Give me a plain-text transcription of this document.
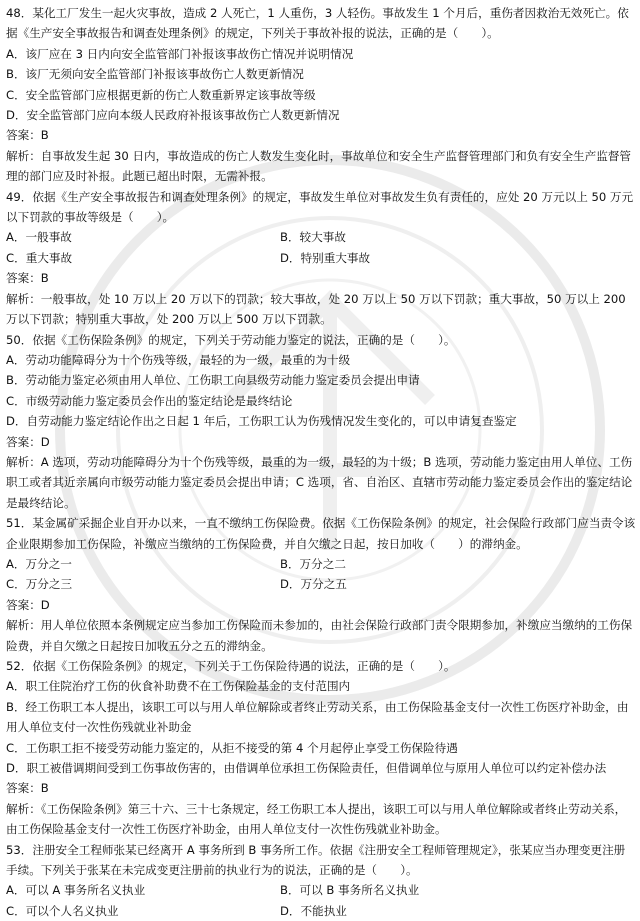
48．某化工厂发生一起火灾事故，造成 2 人死亡，1 人重伤，3 人轻伤。事故发生 1 个月后，重伤者因救治无效死亡。依据《生产安全事故报告和调查处理条例》的规定，下列关于事故补报的说法，正确的是（　　）。

A．该厂应在 3 日内向安全监管部门补报该事故伤亡情况并说明情况

B．该厂无须向安全监管部门补报该事故伤亡人数更新情况

C．安全监管部门应根据更新的伤亡人数重新界定该事故等级

D．安全监管部门应向本级人民政府补报该事故伤亡人数更新情况

答案：B

解析：自事故发生起 30 日内，事故造成的伤亡人数发生变化时，事故单位和安全生产监督管理部门和负有安全生产监督管理的部门应及时补报。此题已超出时限，无需补报。

49．依据《生产安全事故报告和调查处理条例》的规定，事故发生单位对事故发生负有责任的，应处 20 万元以上 50 万元以下罚款的事故等级是（　　）。

A．一般事故	B．较大事故

C．重大事故	D．特别重大事故

答案：B

解析：一般事故，处 10 万以上 20 万以下的罚款；较大事故，处 20 万以上 50 万以下罚款；重大事故，50 万以上 200 万以下罚款；特别重大事故，处 200 万以上 500 万以下罚款。

50．依据《工伤保险条例》的规定，下列关于劳动能力鉴定的说法，正确的是（　　）。

A．劳动功能障碍分为十个伤残等级，最轻的为一级，最重的为十级

B．劳动能力鉴定必须由用人单位、工伤职工向县级劳动能力鉴定委员会提出申请

C．市级劳动能力鉴定委员会作出的鉴定结论是最终结论

D．自劳动能力鉴定结论作出之日起 1 年后，工伤职工认为伤残情况发生变化的，可以申请复查鉴定

答案：D

解析：A 选项，劳动功能障碍分为十个伤残等级，最重的为一级，最轻的为十级；B 选项，劳动能力鉴定由用人单位、工伤职工或者其近亲属向市级劳动能力鉴定委员会提出申请；C 选项，省、自治区、直辖市劳动能力鉴定委员会作出的鉴定结论是最终结论。

51．某金属矿采掘企业自开办以来，一直不缴纳工伤保险费。依据《工伤保险条例》的规定，社会保险行政部门应当责令该企业限期参加工伤保险，补缴应当缴纳的工伤保险费，并自欠缴之日起，按日加收（　　）的滞纳金。

A．万分之一	B．万分之二

C．万分之三	D．万分之五

答案：D

解析：用人单位依照本条例规定应当参加工伤保险而未参加的，由社会保险行政部门责令限期参加，补缴应当缴纳的工伤保险费，并自欠缴之日起按日加收五分之五的滞纳金。

52．依据《工伤保险条例》的规定，下列关于工伤保险待遇的说法，正确的是（　　）。

A．职工住院治疗工伤的伙食补助费不在工伤保险基金的支付范围内

B．经工伤职工本人提出，该职工可以与用人单位解除或者终止劳动关系，由工伤保险基金支付一次性工伤医疗补助金，由用人单位支付一次性伤残就业补助金

C．工伤职工拒不接受劳动能力鉴定的，从拒不接受的第 4 个月起停止享受工伤保险待遇

D．职工被借调期间受到工伤事故伤害的，由借调单位承担工伤保险责任，但借调单位与原用人单位可以约定补偿办法

答案：B

解析：《工伤保险条例》第三十六、三十七条规定，经工伤职工本人提出，该职工可以与用人单位解除或者终止劳动关系，由工伤保险基金支付一次性工伤医疗补助金，由用人单位支付一次性伤残就业补助金。

53．注册安全工程师张某已经离开 A 事务所到 B 事务所工作。依据《注册安全工程师管理规定》，张某应当办理变更注册手续。下列关于张某在未完成变更注册前的执业行为的说法，正确的是（　　）。

A．可以 A 事务所名义执业	B．可以 B 事务所名义执业

C．可以个人名义执业	D．不能执业
